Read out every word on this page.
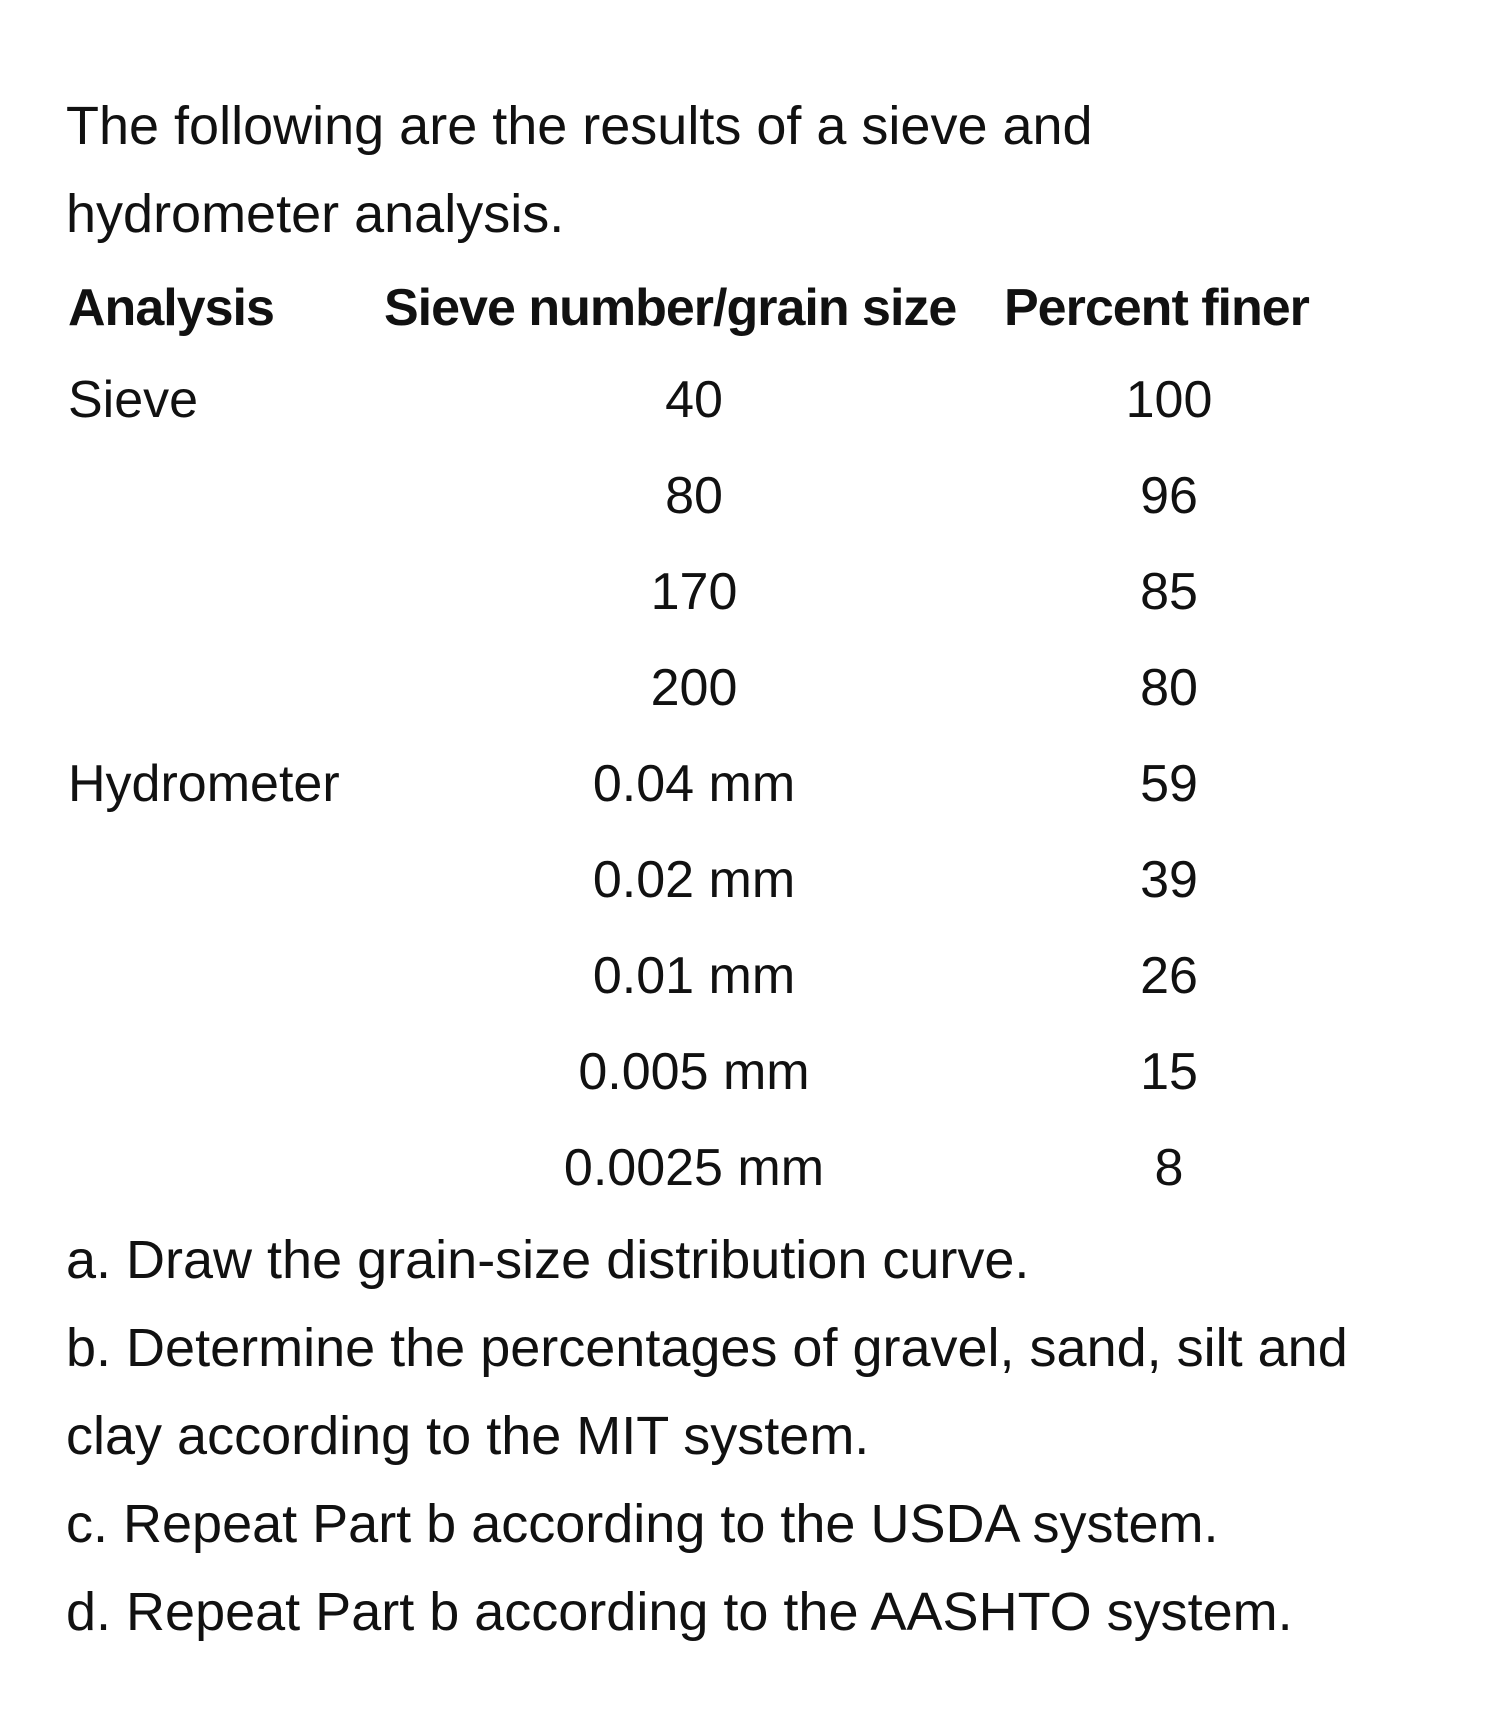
The following are the results of a sieve and hydrometer analysis.

Analysis	Sieve number/grain size	Percent finer
Sieve	40	100
	80	96
	170	85
	200	80
Hydrometer	0.04 mm	59
	0.02 mm	39
	0.01 mm	26
	0.005 mm	15
	0.0025 mm	8
a. Draw the grain-size distribution curve.
b. Determine the percentages of gravel, sand, silt and clay according to the MIT system.
c. Repeat Part b according to the USDA system.
d. Repeat Part b according to the AASHTO system.
